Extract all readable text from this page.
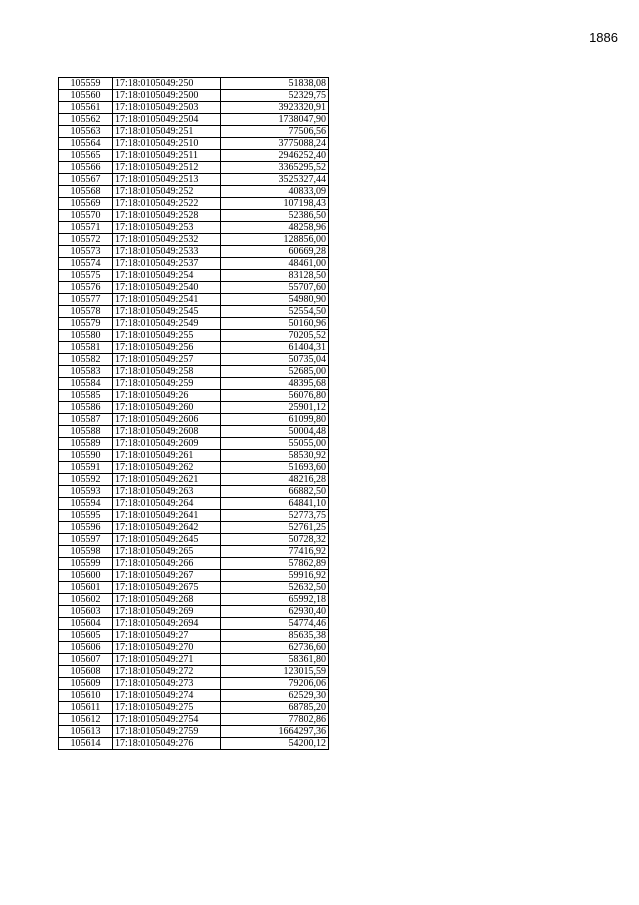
1886
105559	17:18:0105049:250	51838,08
105560	17:18:0105049:2500	52329,75
105561	17:18:0105049:2503	3923320,91
105562	17:18:0105049:2504	1738047,90
105563	17:18:0105049:251	77506,56
105564	17:18:0105049:2510	3775088,24
105565	17:18:0105049:2511	2946252,40
105566	17:18:0105049:2512	3365295,52
105567	17:18:0105049:2513	3525327,44
105568	17:18:0105049:252	40833,09
105569	17:18:0105049:2522	107198,43
105570	17:18:0105049:2528	52386,50
105571	17:18:0105049:253	48258,96
105572	17:18:0105049:2532	128856,00
105573	17:18:0105049:2533	60669,28
105574	17:18:0105049:2537	48461,00
105575	17:18:0105049:254	83128,50
105576	17:18:0105049:2540	55707,60
105577	17:18:0105049:2541	54980,90
105578	17:18:0105049:2545	52554,50
105579	17:18:0105049:2549	50160,96
105580	17:18:0105049:255	70205,52
105581	17:18:0105049:256	61404,31
105582	17:18:0105049:257	50735,04
105583	17:18:0105049:258	52685,00
105584	17:18:0105049:259	48395,68
105585	17:18:0105049:26	56076,80
105586	17:18:0105049:260	25901,12
105587	17:18:0105049:2606	61099,80
105588	17:18:0105049:2608	50004,48
105589	17:18:0105049:2609	55055,00
105590	17:18:0105049:261	58530,92
105591	17:18:0105049:262	51693,60
105592	17:18:0105049:2621	48216,28
105593	17:18:0105049:263	66882,50
105594	17:18:0105049:264	64841,10
105595	17:18:0105049:2641	52773,75
105596	17:18:0105049:2642	52761,25
105597	17:18:0105049:2645	50728,32
105598	17:18:0105049:265	77416,92
105599	17:18:0105049:266	57862,89
105600	17:18:0105049:267	59916,92
105601	17:18:0105049:2675	52632,50
105602	17:18:0105049:268	65992,18
105603	17:18:0105049:269	62930,40
105604	17:18:0105049:2694	54774,46
105605	17:18:0105049:27	85635,38
105606	17:18:0105049:270	62736,60
105607	17:18:0105049:271	58361,80
105608	17:18:0105049:272	123015,59
105609	17:18:0105049:273	79206,06
105610	17:18:0105049:274	62529,30
105611	17:18:0105049:275	68785,20
105612	17:18:0105049:2754	77802,86
105613	17:18:0105049:2759	1664297,36
105614	17:18:0105049:276	54200,12
